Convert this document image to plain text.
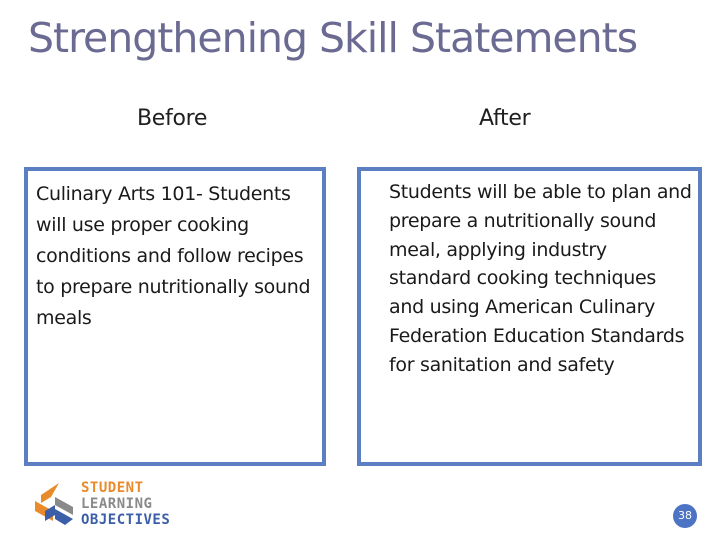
Strengthening Skill Statements
Before	After
Culinary Arts 101- Students will use proper cooking conditions and follow recipes to prepare nutritionally sound meals
Students will be able to plan and prepare a nutritionally sound meal, applying industry standard cooking techniques and using American Culinary Federation Education Standards for sanitation and safety
STUDENT
LEARNING
OBJECTIVES	38
